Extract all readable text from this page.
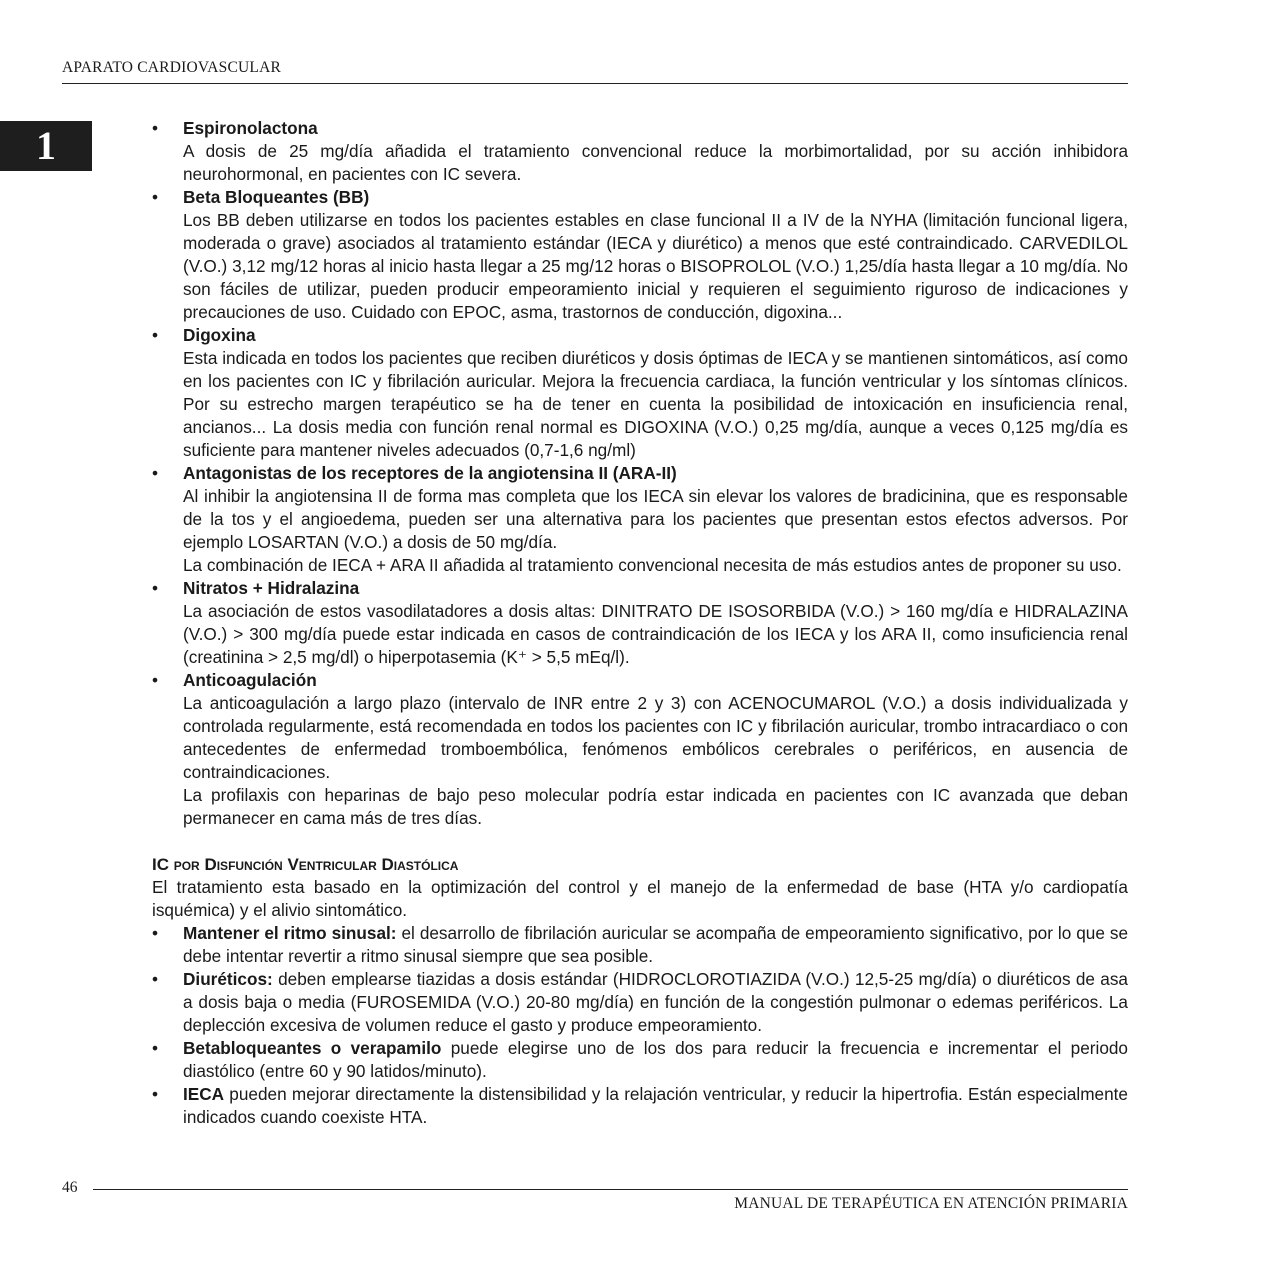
APARATO CARDIOVASCULAR
1	• Espironolactona
A dosis de 25 mg/día añadida el tratamiento convencional reduce la morbimortalidad, por su acción inhibidora neurohormonal, en pacientes con IC severa.
• Beta Bloqueantes (BB)
Los BB deben utilizarse en todos los pacientes estables en clase funcional II a IV de la NYHA (limitación funcional ligera, moderada o grave) asociados al tratamiento estándar (IECA y diurético) a menos que esté contraindicado. CARVEDILOL (V.O.) 3,12 mg/12 horas al inicio hasta llegar a 25 mg/12 horas o BISOPROLOL (V.O.) 1,25/día hasta llegar a 10 mg/día. No son fáciles de utilizar, pueden producir empeoramiento inicial y requieren el seguimiento riguroso de indicaciones y precauciones de uso. Cuidado con EPOC, asma, trastornos de conducción, digoxina...
• Digoxina
Esta indicada en todos los pacientes que reciben diuréticos y dosis óptimas de IECA y se mantienen sintomáticos, así como en los pacientes con IC y fibrilación auricular. Mejora la frecuencia cardiaca, la función ventricular y los síntomas clínicos. Por su estrecho margen terapéutico se ha de tener en cuenta la posibilidad de intoxicación en insuficiencia renal, ancianos... La dosis media con función renal normal es DIGOXINA (V.O.) 0,25 mg/día, aunque a veces 0,125 mg/día es suficiente para mantener niveles adecuados (0,7-1,6 ng/ml)
• Antagonistas de los receptores de la angiotensina II (ARA-II)
Al inhibir la angiotensina II de forma mas completa que los IECA sin elevar los valores de bradicinina, que es responsable de la tos y el angioedema, pueden ser una alternativa para los pacientes que presentan estos efectos adversos. Por ejemplo LOSARTAN (V.O.) a dosis de 50 mg/día.
La combinación de IECA + ARA II añadida al tratamiento convencional necesita de más estudios antes de proponer su uso.
• Nitratos + Hidralazina
La asociación de estos vasodilatadores a dosis altas: DINITRATO DE ISOSORBIDA (V.O.) > 160 mg/día e HIDRALAZINA (V.O.) > 300 mg/día puede estar indicada en casos de contraindicación de los IECA y los ARA II, como insuficiencia renal (creatinina > 2,5 mg/dl) o hiperpotasemia (K⁺ > 5,5 mEq/l).
• Anticoagulación
La anticoagulación a largo plazo (intervalo de INR entre 2 y 3) con ACENOCUMAROL (V.O.) a dosis individualizada y controlada regularmente, está recomendada en todos los pacientes con IC y fibrilación auricular, trombo intracardiaco o con antecedentes de enfermedad tromboembólica, fenómenos embólicos cerebrales o periféricos, en ausencia de contraindicaciones.
La profilaxis con heparinas de bajo peso molecular podría estar indicada en pacientes con IC avanzada que deban permanecer en cama más de tres días.
IC por Disfunción Ventricular Diastólica
El tratamiento esta basado en la optimización del control y el manejo de la enfermedad de base (HTA y/o cardiopatía isquémica) y el alivio sintomático.
• Mantener el ritmo sinusal: el desarrollo de fibrilación auricular se acompaña de empeoramiento significativo, por lo que se debe intentar revertir a ritmo sinusal siempre que sea posible.
• Diuréticos: deben emplearse tiazidas a dosis estándar (HIDROCLOROTIAZIDA (V.O.) 12,5-25 mg/día) o diuréticos de asa a dosis baja o media (FUROSEMIDA (V.O.) 20-80 mg/día) en función de la congestión pulmonar o edemas periféricos. La deplección excesiva de volumen reduce el gasto y produce empeoramiento.
• Betabloqueantes o verapamilo puede elegirse uno de los dos para reducir la frecuencia e incrementar el periodo diastólico (entre 60 y 90 latidos/minuto).
• IECA pueden mejorar directamente la distensibilidad y la relajación ventricular, y reducir la hipertrofia. Están especialmente indicados cuando coexiste HTA.
46
MANUAL DE TERAPÉUTICA EN ATENCIÓN PRIMARIA
